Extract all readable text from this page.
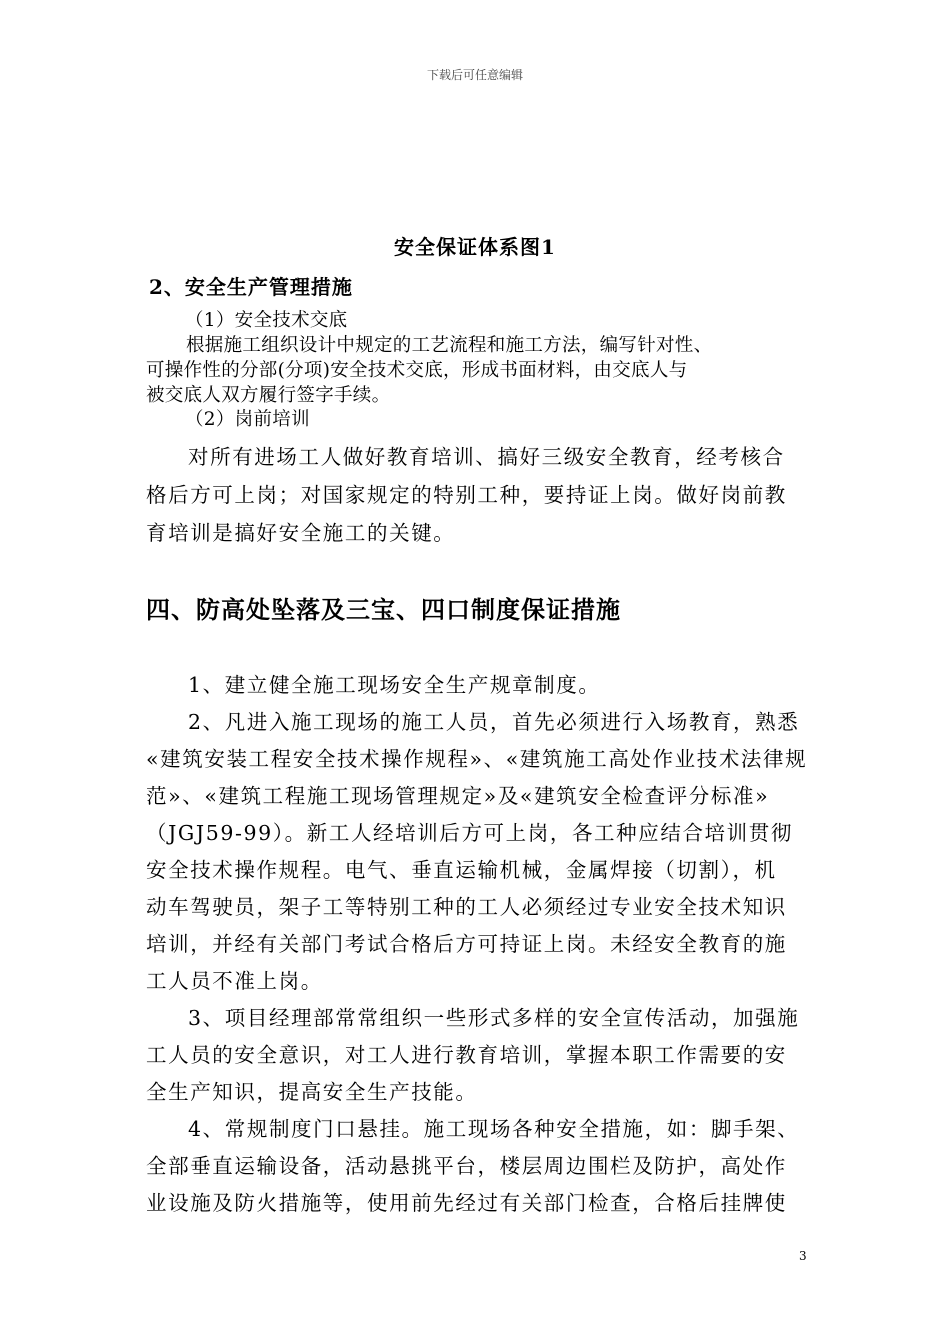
下载后可任意编辑
安全保证体系图1
2、安全生产管理措施
（1）安全技术交底
根据施工组织设计中规定的工艺流程和施工方法，编写针对性、
可操作性的分部(分项)安全技术交底，形成书面材料，由交底人与
被交底人双方履行签字手续。
（2）岗前培训
对所有进场工人做好教育培训、搞好三级安全教育，经考核合
格后方可上岗；对国家规定的特别工种，要持证上岗。做好岗前教
育培训是搞好安全施工的关键。
四、防高处坠落及三宝、四口制度保证措施
1、建立健全施工现场安全生产规章制度。
2、凡进入施工现场的施工人员，首先必须进行入场教育，熟悉
«建筑安装工程安全技术操作规程»、«建筑施工高处作业技术法律规
范»、«建筑工程施工现场管理规定»及«建筑安全检查评分标准»
（JGJ59-99）。新工人经培训后方可上岗，各工种应结合培训贯彻
安全技术操作规程。电气、垂直运输机械，金属焊接（切割），机
动车驾驶员，架子工等特别工种的工人必须经过专业安全技术知识
培训，并经有关部门考试合格后方可持证上岗。未经安全教育的施
工人员不准上岗。
3、项目经理部常常组织一些形式多样的安全宣传活动，加强施
工人员的安全意识，对工人进行教育培训，掌握本职工作需要的安
全生产知识，提高安全生产技能。
4、常规制度门口悬挂。施工现场各种安全措施，如：脚手架、
全部垂直运输设备，活动悬挑平台，楼层周边围栏及防护，高处作
业设施及防火措施等，使用前先经过有关部门检查，合格后挂牌使
3
